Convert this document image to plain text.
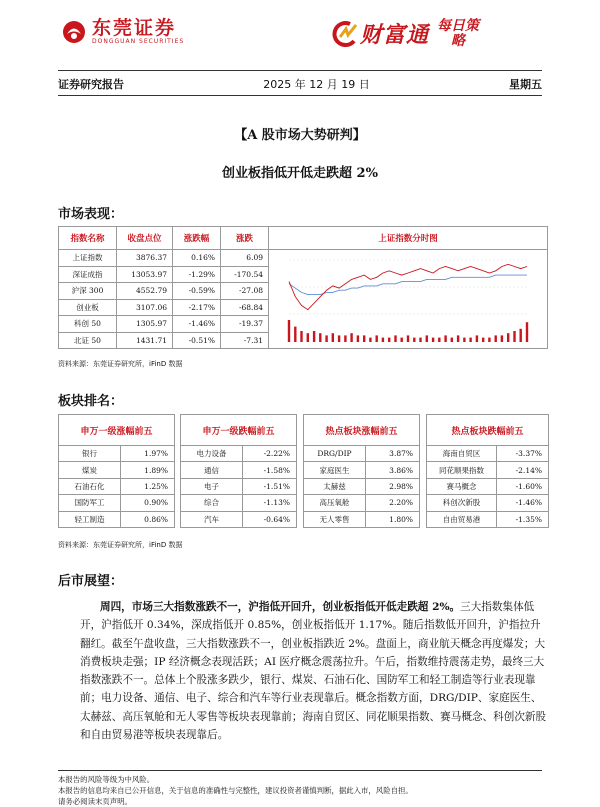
东莞证券
DONGGUAN SECURITIES	财富通 每日策
略
证券研究报告	2025 年 12 月 19 日	星期五
【A 股市场大势研判】
创业板指低开低走跌超 2%
市场表现：
指数名称	收盘点位	涨跌幅	涨跌	上证指数分时图
上证指数	3876.37	0.16%	6.09	

深证成指	13053.97	-1.29%	-170.54	
沪深 300	4552.79	-0.59%	-27.08	
创业板	3107.06	-2.17%	-68.84	
科创 50	1305.97	-1.46%	-19.37	
北证 50	1431.71	-0.51%	-7.31	
资料来源：东莞证券研究所，iFinD 数据
板块排名：
申万一级涨幅前五	
银行	1.97%
煤炭	1.89%
石油石化	1.25%
国防军工	0.90%
轻工制造	0.86%
申万一级跌幅前五	
电力设备	-2.22%
通信	-1.58%
电子	-1.51%
综合	-1.13%
汽车	-0.64%
热点板块涨幅前五	
DRG/DIP	3.87%
家庭医生	3.86%
太赫兹	2.98%
高压氧舱	2.20%
无人零售	1.80%
热点板块跌幅前五	
海南自贸区	-3.37%
同花顺果指数	-2.14%
赛马概念	-1.60%
科创次新股	-1.46%
自由贸易港	-1.35%
资料来源：东莞证券研究所，iFinD 数据
后市展望：
周四，市场三大指数涨跌不一，沪指低开回升，创业板指低开低走跌超 2%。三大指数集体低开，沪指低开 0.34%，深成指低开 0.85%，创业板指低开 1.17%。随后指数低开回升，沪指拉升翻红。截至午盘收盘，三大指数涨跌不一，创业板指跌近 2%。盘面上，商业航天概念再度爆发；大消费板块走强；IP 经济概念表现活跃；AI 医疗概念震荡拉升。午后，指数维持震荡走势，最终三大指数涨跌不一。总体上个股涨多跌少，银行、煤炭、石油石化、国防军工和轻工制造等行业表现靠前；电力设备、通信、电子、综合和汽车等行业表现靠后。概念指数方面，DRG/DIP、家庭医生、太赫兹、高压氧舱和无人零售等板块表现靠前；海南自贸区、同花顺果指数、赛马概念、科创次新股和自由贸易港等板块表现靠后。
本报告的风险等级为中风险。
本报告的信息均来自已公开信息，关于信息的准确性与完整性，建议投资者谨慎判断，据此入市，风险自担。
请务必阅读末页声明。
